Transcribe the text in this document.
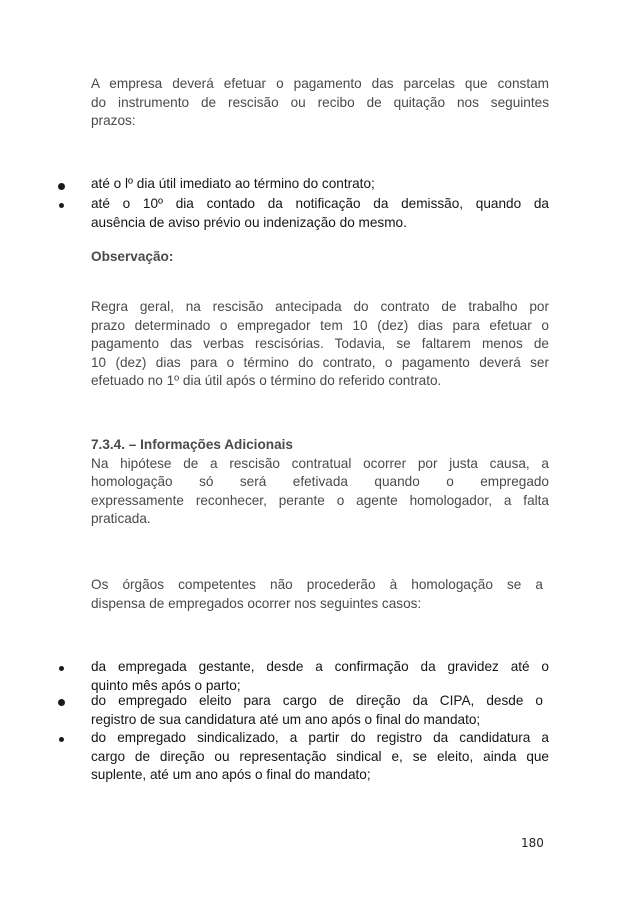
A empresa deverá efetuar o pagamento das parcelas que constam
do instrumento de rescisão ou recibo de quitação nos seguintes
prazos:
até o lº dia útil imediato ao término do contrato;
até o 10º dia contado da notificação da demissão, quando da
ausência de aviso prévio ou indenização do mesmo.
Observação:
Regra geral, na rescisão antecipada do contrato de trabalho por
prazo determinado o empregador tem 10 (dez) dias para efetuar o
pagamento das verbas rescisórias. Todavia, se faltarem menos de
10 (dez) dias para o término do contrato, o pagamento deverá ser
efetuado no 1º dia útil após o término do referido contrato.
7.3.4. – Informações Adicionais
Na hipótese de a rescisão contratual ocorrer por justa causa, a
homologação só será efetivada quando o empregado
expressamente reconhecer, perante o agente homologador, a falta
praticada.
Os órgãos competentes não procederão à homologação se a
dispensa de empregados ocorrer nos seguintes casos:
da empregada gestante, desde a confirmação da gravidez até o
quinto mês após o parto;
do empregado eleito para cargo de direção da CIPA, desde o
registro de sua candidatura até um ano após o final do mandato;
do empregado sindicalizado, a partir do registro da candidatura a
cargo de direção ou representação sindical e, se eleito, ainda que
suplente, até um ano após o final do mandato;
180
